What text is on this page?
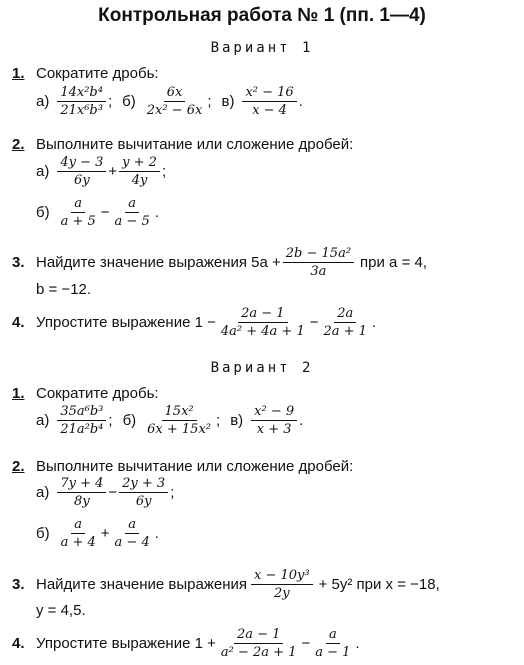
Контрольная работа № 1 (пп. 1—4)
Вариант 1
1. Сократите дробь:
$а) \frac{\text{14x²b⁴}}{\text{21x⁶b³}}$ ; $б) \frac{6x}{\text{2x² − 6x}}$ ; $в) \frac{\text{x² − 16}}{x - 4}$ .
2. Выполните вычитание или сложение дробей:
$а) \frac{4y - 3}{6y} + \frac{y + 2}{4y}$ ;
$б) \frac{a}{a + 5} - \frac{a}{a - 5}$ .
3. Найдите значение выражения $5a + \frac{\text{2b − 15a²}}{3a}$ при a = 4,
b = −12.
4. Упростите выражение $1 - \frac{2a - 1}{\text{4a² + 4a + 1}} - \frac{2a}{2a + 1}$ .
Вариант 2
1. Сократите дробь:
$а) \frac{\text{35a⁶b³}}{\text{21a²b⁴}}$ ; $б) \frac{\text{15x²}}{\text{6x + 15x²}}$ ; $в) \frac{\text{x² − 9}}{x + 3}$ .
2. Выполните вычитание или сложение дробей:
$а) \frac{7y + 4}{8y} - \frac{2y + 3}{6y}$ ;
$б) \frac{a}{a + 4} + \frac{a}{a - 4}$ .
3. Найдите значение выражения $\frac{\text{x − 10y³}}{2y} + 5y^2$ при x = −18,
y = 4,5.
4. Упростите выражение $1 + \frac{2a - 1}{\text{a² − 2a + 1}} - \frac{a}{a - 1}$ .
